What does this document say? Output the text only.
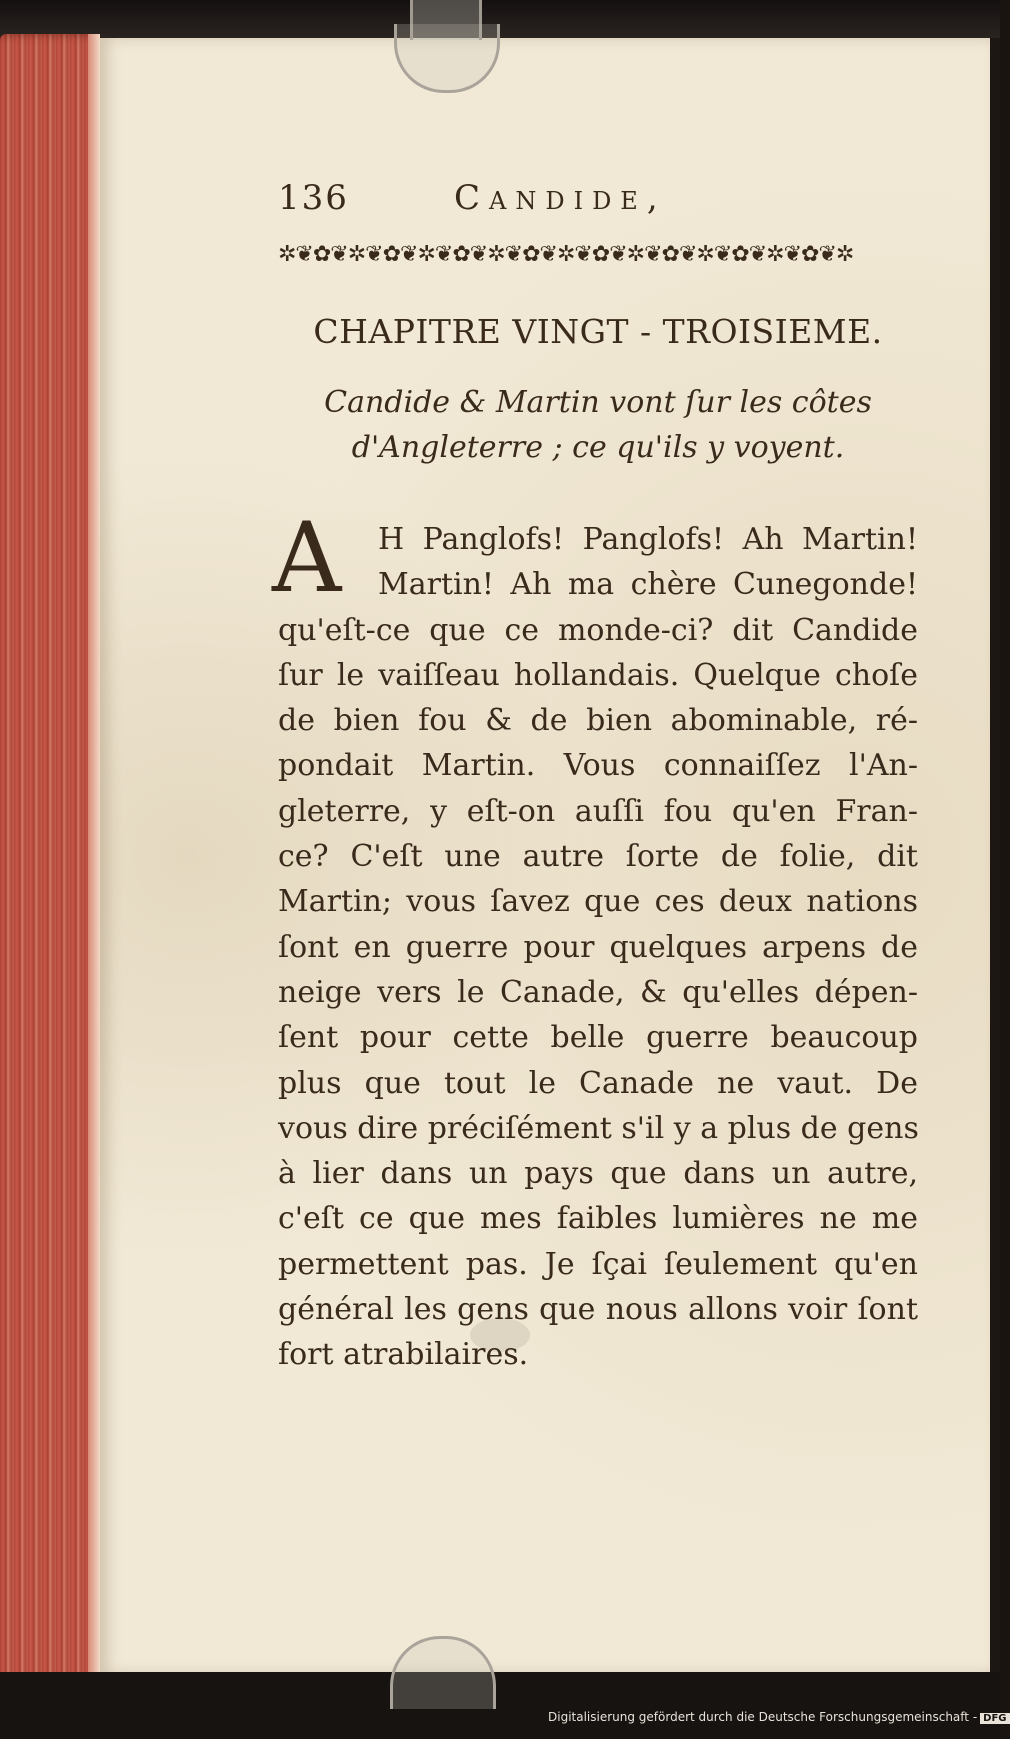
136	Candide,
✲❦✿❦✲❦✿❦✲❦✿❦✲❦✿❦✲❦✿❦✲❦✿❦✲❦✿❦✲❦✿❦✲
CHAPITRE VINGT - TROISIEME.
Candide & Martin vont ſur les côtes d'Angleterre ; ce qu'ils y voyent.
A	H Panglofs! Panglofs! Ah Martin!
Martin! Ah ma chère Cunegonde!
qu'eſt-ce que ce monde-ci? dit Candide
ſur le vaiſſeau hollandais. Quelque choſe
de bien fou & de bien abominable, ré-
pondait Martin. Vous connaiſſez l'An-
gleterre, y eſt-on auſſi fou qu'en Fran-
ce? C'eſt une autre ſorte de folie, dit
Martin; vous ſavez que ces deux nations
ſont en guerre pour quelques arpens de
neige vers le Canade, & qu'elles dépen-
ſent pour cette belle guerre beaucoup
plus que tout le Canade ne vaut. De
vous dire préciſément s'il y a plus de gens
à lier dans un pays que dans un autre,
c'eſt ce que mes faibles lumières ne me
permettent pas. Je ſçai ſeulement qu'en
général les gens que nous allons voir ſont
fort atrabilaires.
Digitalisierung gefördert durch die Deutsche Forschungsgemeinschaft - DFG
